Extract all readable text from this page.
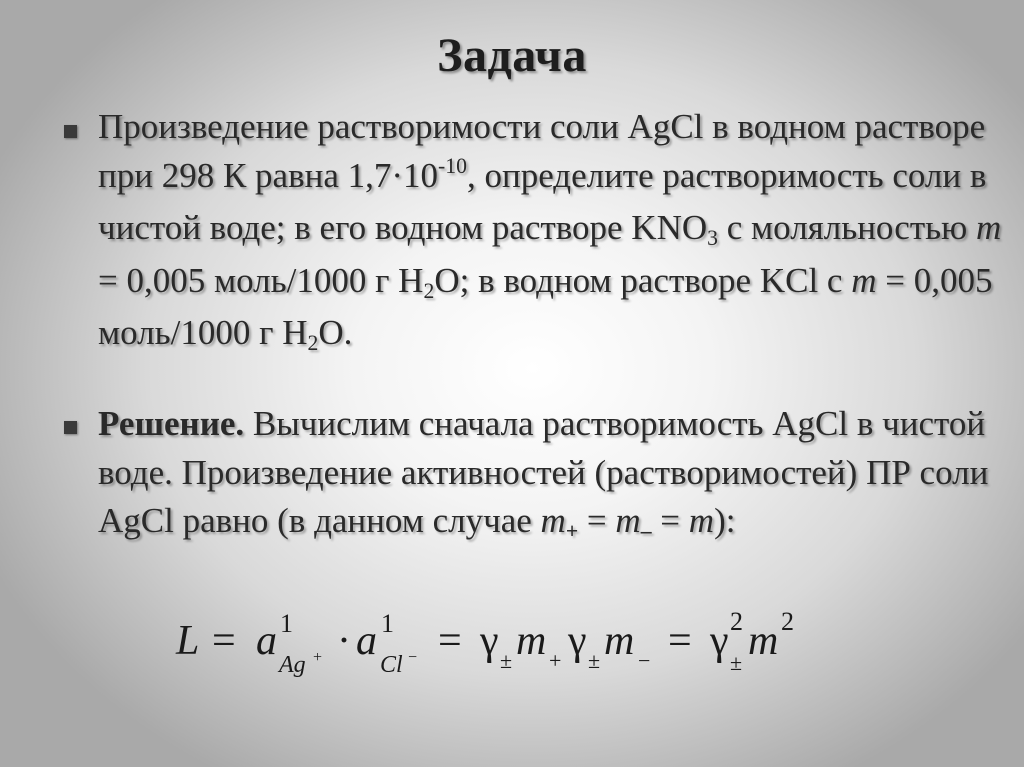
Задача
Произведение растворимости соли AgCl в водном растворе при 298 К равна $1,7\cdot 10^{-10}$, определите растворимость соли в чистой воде; в его водном растворе $KNO_3$ с моляльностью m = 0,005 моль/1000 г $H_2O$; в водном растворе KCl с m = 0,005 моль/1000 г $H_2O$.
Решение. Вычислим сначала растворимость AgCl в чистой воде. Произведение активностей (растворимостей) ПР соли AgCl равно (в данном случае $m_+ = m_- = m$):
L = a 1
Ag + · a 1
Cl − = γ ± m + γ ± m − = γ 2
± m 2
